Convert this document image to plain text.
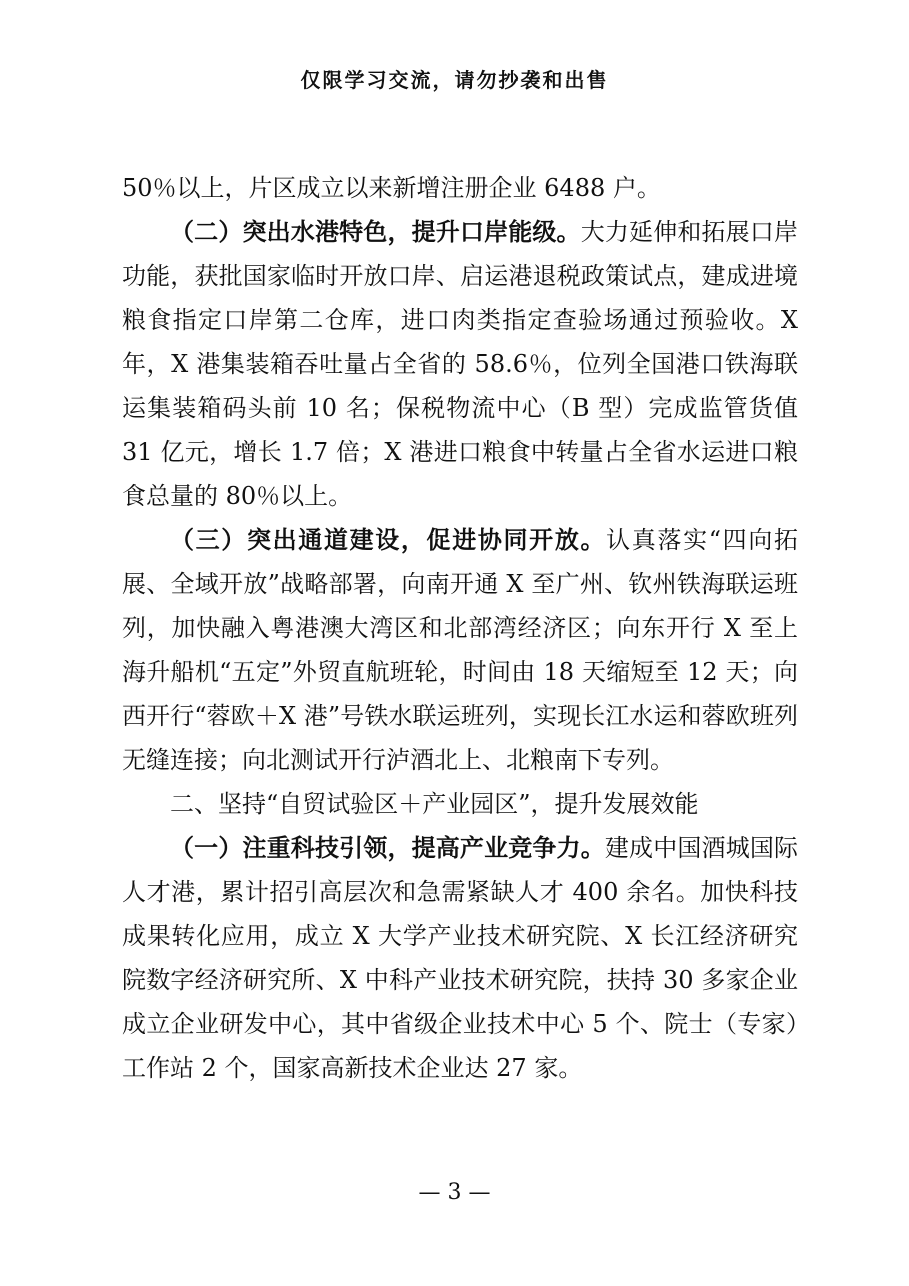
仅限学习交流，请勿抄袭和出售

50％以上，片区成立以来新增注册企业 6488 户。

（二）突出水港特色，提升口岸能级。大力延伸和拓展口岸功能，获批国家临时开放口岸、启运港退税政策试点，建成进境粮食指定口岸第二仓库，进口肉类指定查验场通过预验收。X 年，X 港集装箱吞吐量占全省的 58.6％，位列全国港口铁海联运集装箱码头前 10 名；保税物流中心（B 型）完成监管货值 31 亿元，增长 1.7 倍；X 港进口粮食中转量占全省水运进口粮食总量的 80％以上。

（三）突出通道建设，促进协同开放。认真落实“四向拓展、全域开放”战略部署，向南开通 X 至广州、钦州铁海联运班列，加快融入粤港澳大湾区和北部湾经济区；向东开行 X 至上海升船机“五定”外贸直航班轮，时间由 18 天缩短至 12 天；向西开行“蓉欧＋X 港”号铁水联运班列，实现长江水运和蓉欧班列无缝连接；向北测试开行泸酒北上、北粮南下专列。

二、坚持“自贸试验区＋产业园区”，提升发展效能

（一）注重科技引领，提高产业竞争力。建成中国酒城国际人才港，累计招引高层次和急需紧缺人才 400 余名。加快科技成果转化应用，成立 X 大学产业技术研究院、X 长江经济研究院数字经济研究所、X 中科产业技术研究院，扶持 30 多家企业成立企业研发中心，其中省级企业技术中心 5 个、院士（专家）工作站 2 个，国家高新技术企业达 27 家。

— 3 —
